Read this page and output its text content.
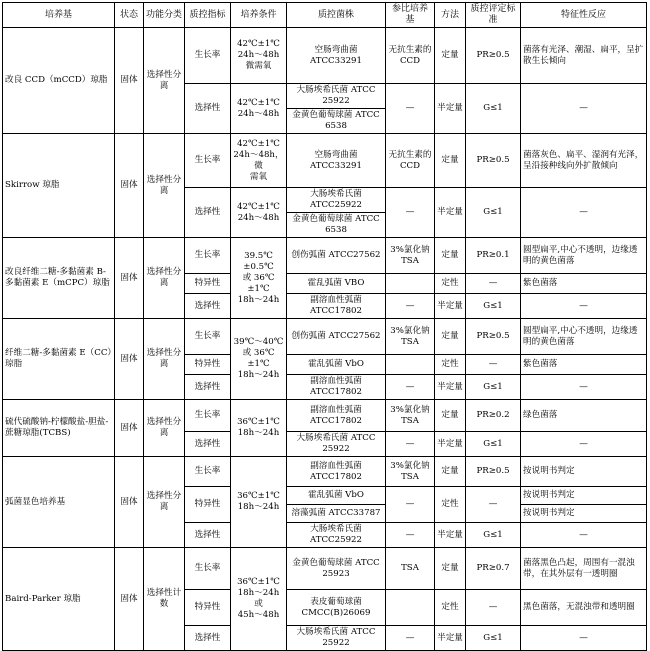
培养基	状态	功能分类	质控指标	培养条件	质控菌株	参比培养基	方法	质控评定标准	特征性反应
改良 CCD（mCCD）琼脂	固体	选择性分离	生长率	42℃±1℃
24h～48h
微需氧	空肠弯曲菌 ATCC33291	无抗生素的CCD	定量	PR≥0.5	菌落有光泽、潮湿、扁平，呈扩散生长倾向
			选择性	42℃±1℃
24h～48h	大肠埃希氏菌 ATCC 25922	—	半定量	G≤1	—
					金黄色葡萄球菌 ATCC 6538				
Skirrow 琼脂	固体	选择性分离	生长率	42℃±1℃
24h～48h，微
需氧	空肠弯曲菌 ATCC33291	无抗生素的CCD	定量	PR≥0.5	菌落灰色、扁平、湿润有光泽，呈沿接种线向外扩散倾向
			选择性	42℃±1℃
24h～48h	大肠埃希氏菌 ATCC25922	—	半定量	G≤1	—
					金黄色葡萄球菌 ATCC 6538				
改良纤维二糖-多黏菌素 B-多黏菌素 E（mCPC）琼脂	固体	选择性分离	生长率	39.5℃±0.5℃
或 36℃±1℃
18h～24h	创伤弧菌 ATCC27562	3%氯化钠TSA	定量	PR≥0.1	圆型扁平,中心不透明，边缘透明的黄色菌落
			特异性		霍乱弧菌 VBO		定性	—	紫色菌落
			选择性		副溶血性弧菌 ATCC17802	—	半定量	G≤1	—
纤维二糖-多黏菌素 E（CC）琼脂	固体	选择性分离	生长率	39℃～40℃
或 36℃±1℃
18h～24h	创伤弧菌 ATCC27562	3%氯化钠TSA	定量	PR≥0.5	圆型扁平,中心不透明，边缘透明的黄色菌落
			特异性		霍乱弧菌 VbO		定性	—	紫色菌落
			选择性		副溶血性弧菌 ATCC17802	—	半定量	G≤1	—
硫代硫酸钠-柠檬酸盐-胆盐-蔗糖琼脂(TCBS)	固体	选择性分离	生长率	36℃±1℃
18h～24h	副溶血性弧菌 ATCC17802	3%氯化钠TSA	定量	PR≥0.2	绿色菌落
			选择性		大肠埃希氏菌 ATCC 25922	—	半定量	G≤1	—
弧菌显色培养基	固体	选择性分离	生长率	36℃±1℃
18h～24h	副溶血性弧菌 ATCC17802	3%氯化钠TSA	定量	PR≥0.5	按说明书判定
			特异性		霍乱弧菌 VbO	—	定性	—	按说明书判定
					溶藻弧菌 ATCC33787				按说明书判定
			选择性		大肠埃希氏菌 ATCC25922	—	半定量	G≤1	—
Baird-Parker 琼脂	固体	选择性计数	生长率	36℃±1℃
18h～24h 或
45h～48h	金黄色葡萄球菌 ATCC
25923	TSA	定量	PR≥0.7	菌落黑色凸起，周围有一混浊带，在其外层有一透明圈
			特异性		表皮葡萄球菌
CMCC(B)26069		定性	—	黑色菌落，无混浊带和透明圈
			选择性		大肠埃希氏菌 ATCC 25922	—	半定量	G≤1	—
